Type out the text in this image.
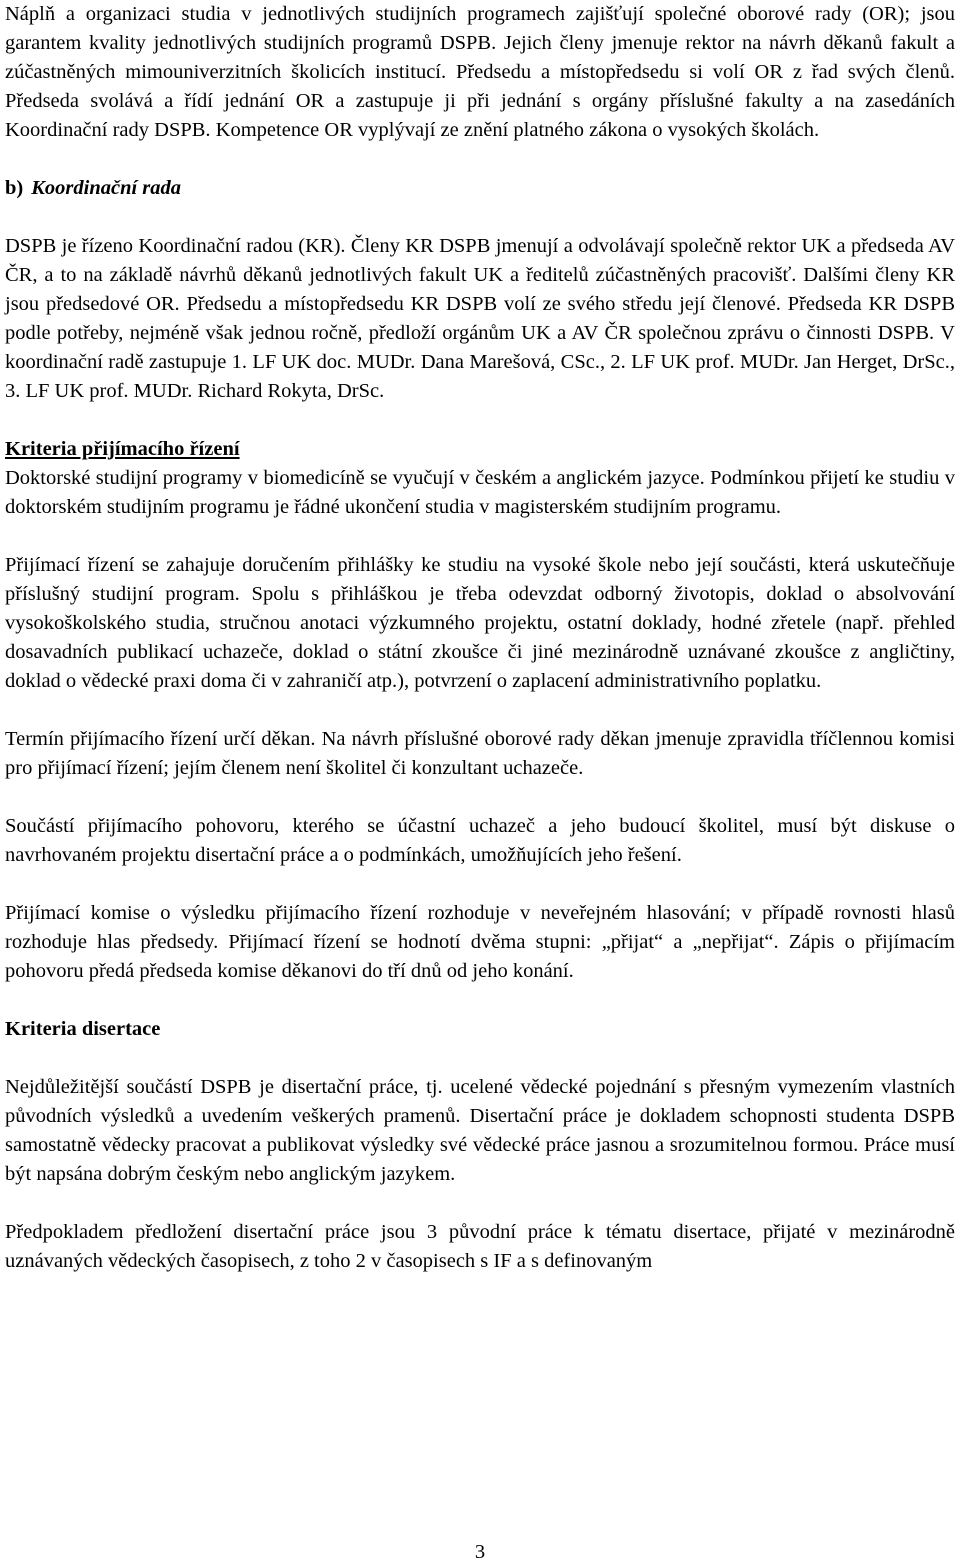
Náplň a organizaci studia v jednotlivých studijních programech zajišťují společné oborové rady (OR); jsou garantem kvality jednotlivých studijních programů DSPB. Jejich členy jmenuje rektor na návrh děkanů fakult a zúčastněných mimouniverzitních školicích institucí. Předsedu a místopředsedu si volí OR z řad svých členů. Předseda svolává a řídí jednání OR a zastupuje ji při jednání s orgány příslušné fakulty a na zasedáních Koordinační rady DSPB. Kompetence OR vyplývají ze znění platného zákona o vysokých školách.

b) Koordinační rada

DSPB je řízeno Koordinační radou (KR). Členy KR DSPB jmenují a odvolávají společně rektor UK a předseda AV ČR, a to na základě návrhů děkanů jednotlivých fakult UK a ředitelů zúčastněných pracovišť. Dalšími členy KR jsou předsedové OR. Předsedu a místopředsedu KR DSPB volí ze svého středu její členové. Předseda KR DSPB podle potřeby, nejméně však jednou ročně, předloží orgánům UK a AV ČR společnou zprávu o činnosti DSPB. V koordinační radě zastupuje 1. LF UK doc. MUDr. Dana Marešová, CSc., 2. LF UK prof. MUDr. Jan Herget, DrSc., 3. LF UK prof. MUDr. Richard Rokyta, DrSc.

Kriteria přijímacího řízení

Doktorské studijní programy v biomedicíně se vyučují v českém a anglickém jazyce. Podmínkou přijetí ke studiu v doktorském studijním programu je řádné ukončení studia v magisterském studijním programu.

Přijímací řízení se zahajuje doručením přihlášky ke studiu na vysoké škole nebo její součásti, která uskutečňuje příslušný studijní program. Spolu s přihláškou je třeba odevzdat odborný životopis, doklad o absolvování vysokoškolského studia, stručnou anotaci výzkumného projektu, ostatní doklady, hodné zřetele (např. přehled dosavadních publikací uchazeče, doklad o státní zkoušce či jiné mezinárodně uznávané zkoušce z angličtiny, doklad o vědecké praxi doma či v zahraničí atp.), potvrzení o zaplacení administrativního poplatku.

Termín přijímacího řízení určí děkan. Na návrh příslušné oborové rady děkan jmenuje zpravidla tříčlennou komisi pro přijímací řízení; jejím členem není školitel či konzultant uchazeče.

Součástí přijímacího pohovoru, kterého se účastní uchazeč a jeho budoucí školitel, musí být diskuse o navrhovaném projektu disertační práce a o podmínkách, umožňujících jeho řešení.

Přijímací komise o výsledku přijímacího řízení rozhoduje v neveřejném hlasování; v případě rovnosti hlasů rozhoduje hlas předsedy. Přijímací řízení se hodnotí dvěma stupni: „přijat“ a „nepřijat“. Zápis o přijímacím pohovoru předá předseda komise děkanovi do tří dnů od jeho konání.

Kriteria disertace

Nejdůležitější součástí DSPB je disertační práce, tj. ucelené vědecké pojednání s přesným vymezením vlastních původních výsledků a uvedením veškerých pramenů. Disertační práce je dokladem schopnosti studenta DSPB samostatně vědecky pracovat a publikovat výsledky své vědecké práce jasnou a srozumitelnou formou. Práce musí být napsána dobrým českým nebo anglickým jazykem.

Předpokladem předložení disertační práce jsou 3 původní práce k tématu disertace, přijaté v mezinárodně uznávaných vědeckých časopisech, z toho 2 v časopisech s IF a s definovaným

3
